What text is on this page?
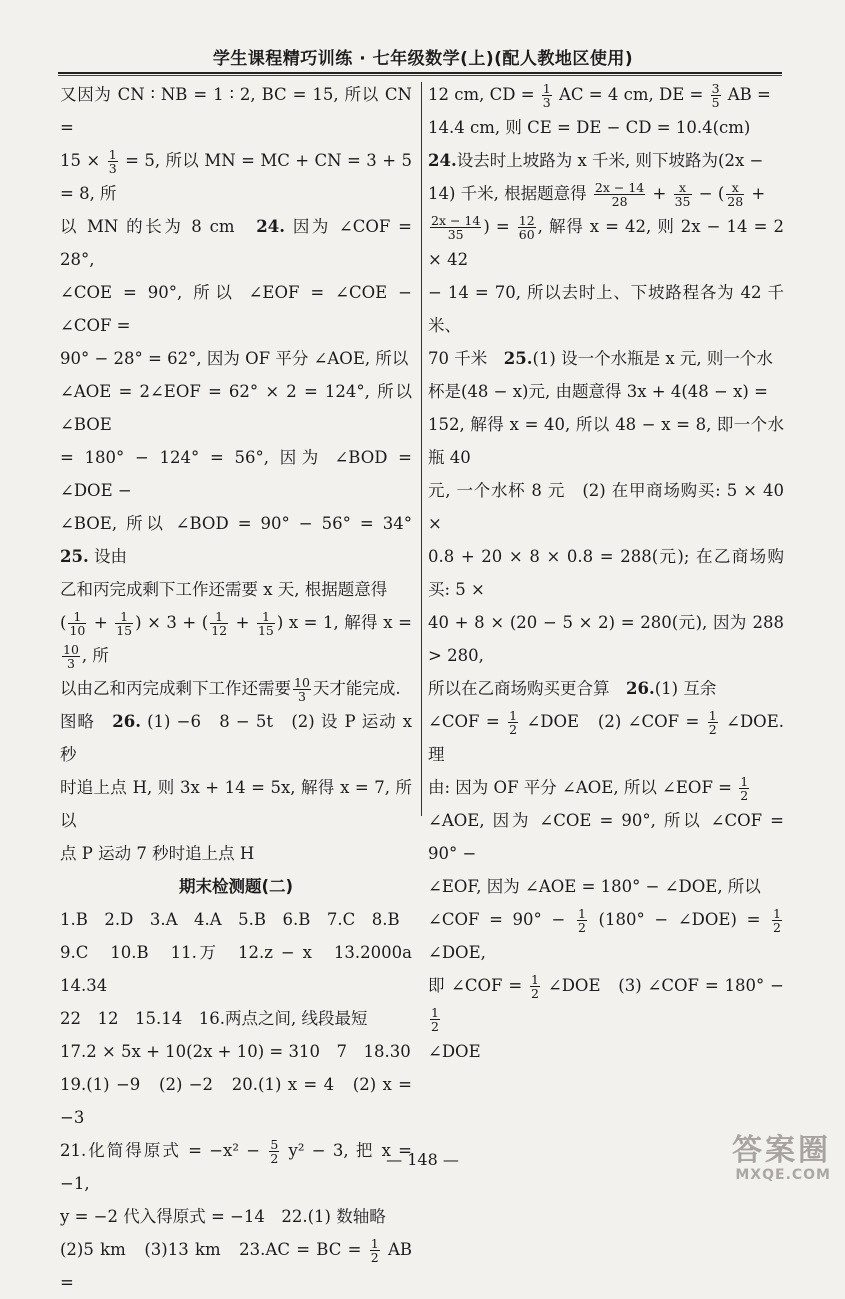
学生课程精巧训练 · 七年级数学(上)(配人教地区使用)

又因为 CN ∶ NB = 1 ∶ 2, BC = 15, 所以 CN =

$15 \times \frac{1}{3} = 5$, 所以 MN = MC + CN = 3 + 5 = 8, 所

以 MN 的长为 8 cm　24. 因为 ∠COF = 28°,

∠COE = 90°, 所以 ∠EOF = ∠COE − ∠COF =

90° − 28° = 62°, 因为 OF 平分 ∠AOE, 所以

∠AOE = 2∠EOF = 62° × 2 = 124°, 所以 ∠BOE

= 180° − 124° = 56°, 因为 ∠BOD = ∠DOE −

∠BOE, 所以 ∠BOD = 90° − 56° = 34°　25. 设由

乙和丙完成剩下工作还需要 x 天, 根据题意得

( $\frac{1}{10} + \frac{1}{15}$ ) × 3 + ( $\frac{1}{12} + \frac{1}{15}$ ) x = 1, 解得 x =
$\frac{10}{3}$ , 所

以由乙和丙完成剩下工作还需要 $\frac{10}{3}$ 天才能完成.

图略　26. (1) −6　8 − 5t　(2) 设 P 运动 x 秒

时追上点 H, 则 3x + 14 = 5x, 解得 x = 7, 所以

点 P 运动 7 秒时追上点 H

期末检测题(二)

1.B　2.D　3.A　4.A　5.B　6.B　7.C　8.B

9.C　10.B　11.万　12.z − x　13.2000a　14.34

22　12　15.14　16.两点之间, 线段最短

17.2 × 5x + 10(2x + 10) = 310　7　18.30

19.(1) −9　(2) −2　20.(1) x = 4　(2) x = −3

21.化简得原式 = $-x^2 - \frac{5}{2} y^2 - 3$, 把 x = −1,

y = −2 代入得原式 = −14　22.(1) 数轴略

(2)5 km　(3)13 km　23.AC = BC = $\frac{1}{2}$ AB =

12 cm, CD = $\frac{1}{3}$ AC = 4 cm, DE = $\frac{3}{5}$ AB =

14.4 cm, 则 CE = DE − CD = 10.4(cm)

24.设去时上坡路为 x 千米, 则下坡路为(2x −

14) 千米, 根据题意得 $\frac{2x - 14}{28} + \frac{x}{35}$ − ( $\frac{x}{28}$ +

$\frac{2x - 14}{35}$ ) = $\frac{12}{60}$ , 解得 x = 42, 则 2x − 14 = 2 × 42

− 14 = 70, 所以去时上、下坡路程各为 42 千米、

70 千米　25.(1) 设一个水瓶是 x 元, 则一个水

杯是(48 − x)元, 由题意得 3x + 4(48 − x) =

152, 解得 x = 40, 所以 48 − x = 8, 即一个水瓶 40

元, 一个水杯 8 元　(2) 在甲商场购买: 5 × 40 ×

0.8 + 20 × 8 × 0.8 = 288(元); 在乙商场购买: 5 ×

40 + 8 × (20 − 5 × 2) = 280(元), 因为 288 > 280,

所以在乙商场购买更合算　26.(1) 互余

∠COF = $\frac{1}{2}$ ∠DOE　(2) ∠COF = $\frac{1}{2}$ ∠DOE. 理

由: 因为 OF 平分 ∠AOE, 所以 ∠EOF = $\frac{1}{2}$

∠AOE, 因为 ∠COE = 90°, 所以 ∠COF = 90° −

∠EOF, 因为 ∠AOE = 180° − ∠DOE, 所以

∠COF = $90^\circ - \frac{1}{2} (180^\circ$ − ∠DOE) = $\frac{1}{2}$
∠DOE,

即 ∠COF = $\frac{1}{2}$ ∠DOE　(3) ∠COF = 180° −
$\frac{1}{2}$

∠DOE

— 148 —	答案圈
MXQE.COM
